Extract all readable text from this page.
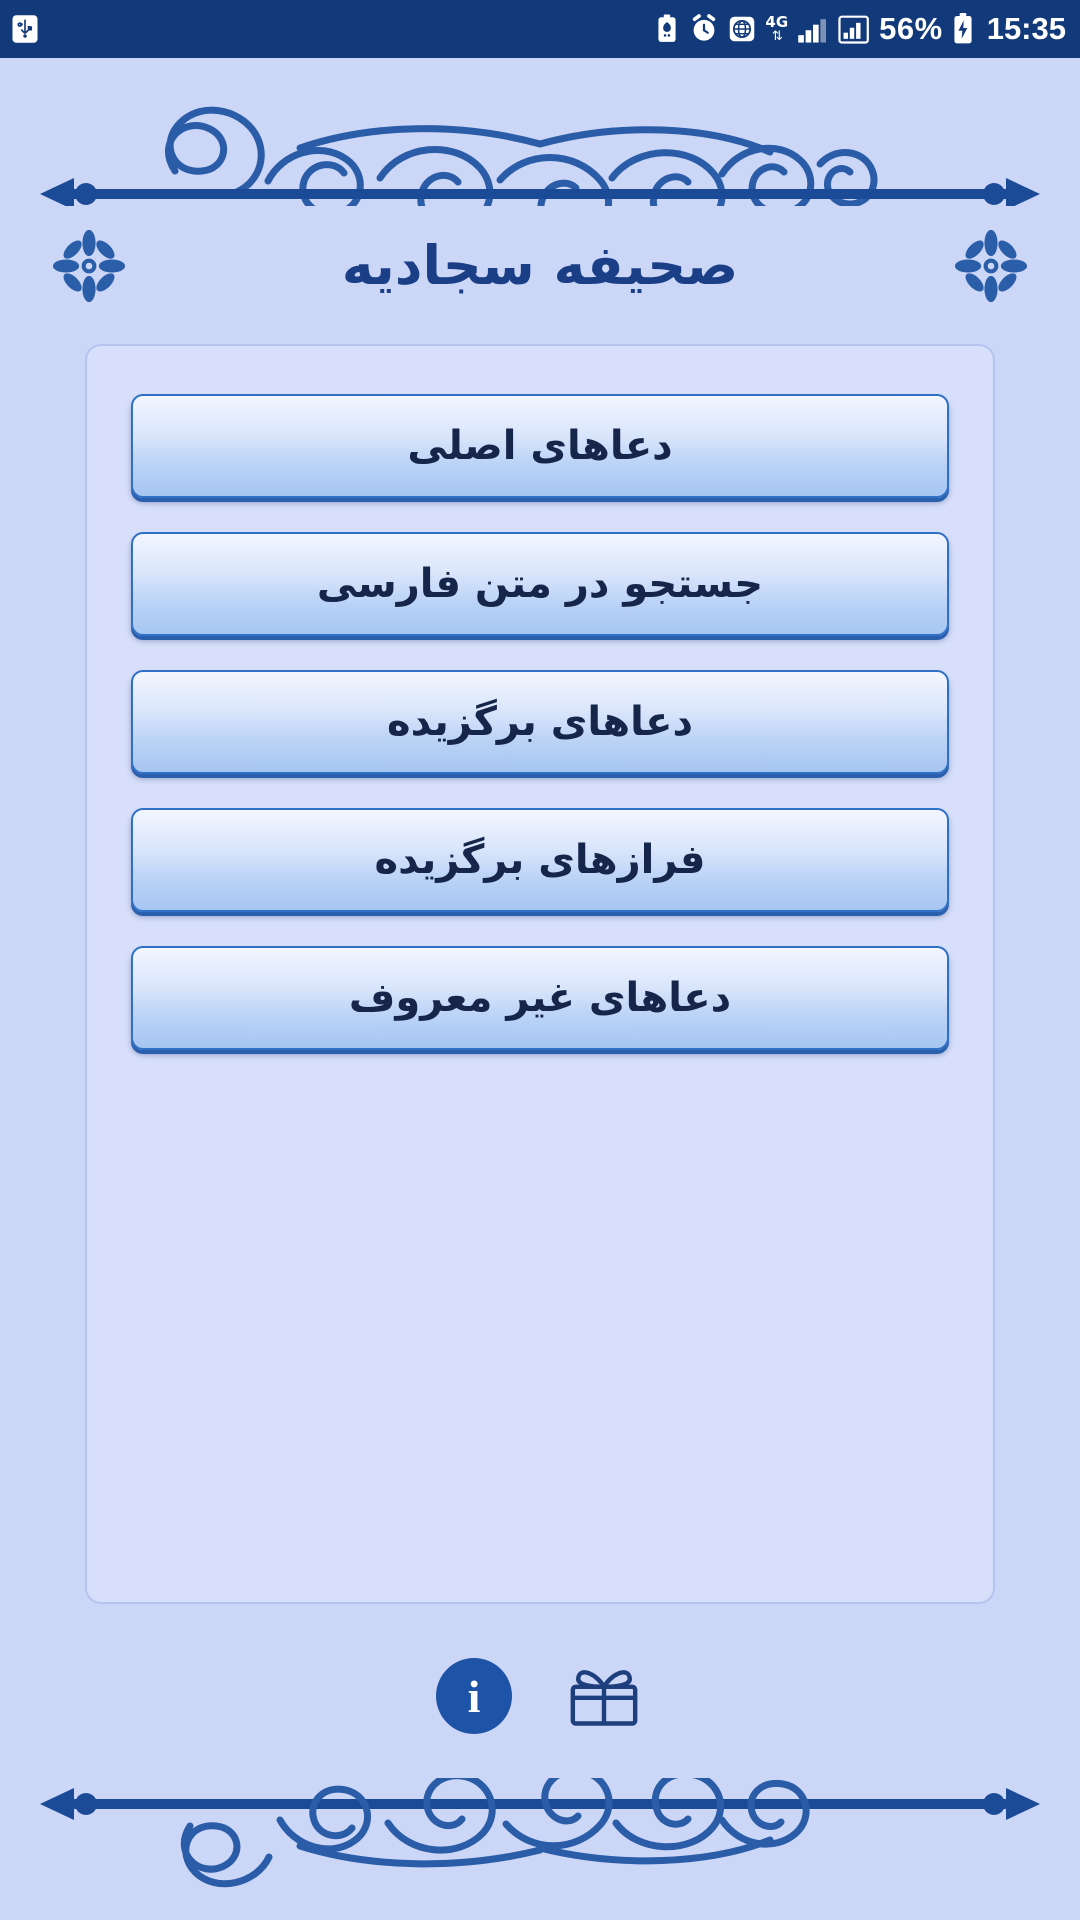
4G
⇅	56% 15:35
صحیفه سجادیه
دعاهای اصلی
جستجو در متن فارسی
دعاهای برگزیده
فرازهای برگزیده
دعاهای غیر معروف
i
